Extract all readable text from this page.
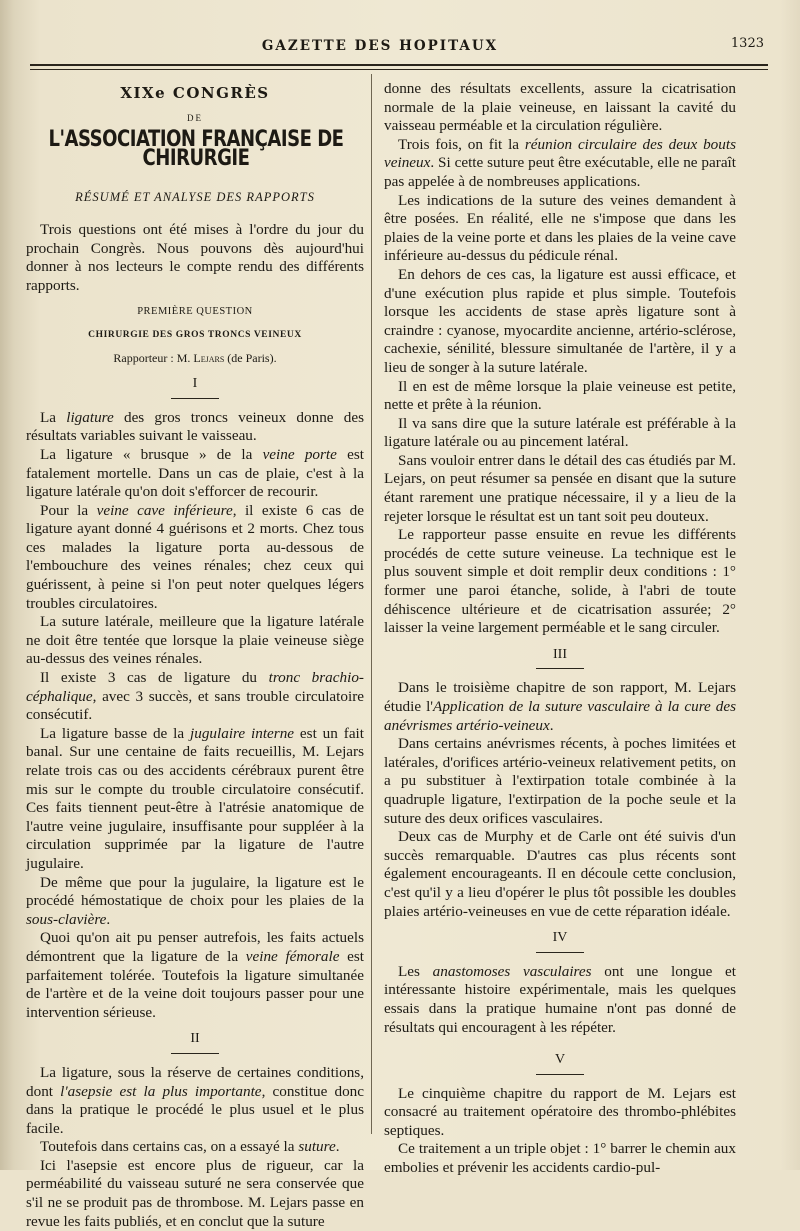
GAZETTE DES HOPITAUX	1323
XIXe CONGRÈS
DE
L'ASSOCIATION FRANÇAISE DE CHIRURGIE
RÉSUMÉ ET ANALYSE DES RAPPORTS

Trois questions ont été mises à l'ordre du jour du prochain Congrès. Nous pouvons dès aujourd'hui donner à nos lecteurs le compte rendu des différents rapports.

PREMIÈRE QUESTION
CHIRURGIE DES GROS TRONCS VEINEUX
Rapporteur : M. Lejars (de Paris).
I

La ligature des gros troncs veineux donne des résultats variables suivant le vaisseau.

La ligature « brusque » de la veine porte est fatalement mortelle. Dans un cas de plaie, c'est à la ligature latérale qu'on doit s'efforcer de recourir.

Pour la veine cave inférieure, il existe 6 cas de ligature ayant donné 4 guérisons et 2 morts. Chez tous ces malades la ligature porta au-dessous de l'embouchure des veines rénales; chez ceux qui guérissent, à peine si l'on peut noter quelques légers troubles circulatoires.

La suture latérale, meilleure que la ligature latérale ne doit être tentée que lorsque la plaie veineuse siège au-dessus des veines rénales.

Il existe 3 cas de ligature du tronc brachio-céphalique, avec 3 succès, et sans trouble circulatoire consécutif.

La ligature basse de la jugulaire interne est un fait banal. Sur une centaine de faits recueillis, M. Lejars relate trois cas ou des accidents cérébraux purent être mis sur le compte du trouble circulatoire consécutif. Ces faits tiennent peut-être à l'atrésie anatomique de l'autre veine jugulaire, insuffisante pour suppléer à la circulation supprimée par la ligature de l'autre jugulaire.

De même que pour la jugulaire, la ligature est le procédé hémostatique de choix pour les plaies de la sous-clavière.

Quoi qu'on ait pu penser autrefois, les faits actuels démontrent que la ligature de la veine fémorale est parfaitement tolérée. Toutefois la ligature simultanée de l'artère et de la veine doit toujours passer pour une intervention sérieuse.

II

La ligature, sous la réserve de certaines conditions, dont l'asepsie est la plus importante, constitue donc dans la pratique le procédé le plus usuel et le plus facile.

Toutefois dans certains cas, on a essayé la suture.

Ici l'asepsie est encore plus de rigueur, car la perméabilité du vaisseau suturé ne sera conservée que s'il ne se produit pas de thrombose. M. Lejars passe en revue les faits publiés, et en conclut que la suture

donne des résultats excellents, assure la cicatrisation normale de la plaie veineuse, en laissant la cavité du vaisseau perméable et la circulation régulière.

Trois fois, on fit la réunion circulaire des deux bouts veineux. Si cette suture peut être exécutable, elle ne paraît pas appelée à de nombreuses applications.

Les indications de la suture des veines demandent à être posées. En réalité, elle ne s'impose que dans les plaies de la veine porte et dans les plaies de la veine cave inférieure au-dessus du pédicule rénal.

En dehors de ces cas, la ligature est aussi efficace, et d'une exécution plus rapide et plus simple. Toutefois lorsque les accidents de stase après ligature sont à craindre : cyanose, myocardite ancienne, artério-sclérose, cachexie, sénilité, blessure simultanée de l'artère, il y a lieu de songer à la suture latérale.

Il en est de même lorsque la plaie veineuse est petite, nette et prête à la réunion.

Il va sans dire que la suture latérale est préférable à la ligature latérale ou au pincement latéral.

Sans vouloir entrer dans le détail des cas étudiés par M. Lejars, on peut résumer sa pensée en disant que la suture étant rarement une pratique nécessaire, il y a lieu de la rejeter lorsque le résultat est un tant soit peu douteux.

Le rapporteur passe ensuite en revue les différents procédés de cette suture veineuse. La technique est le plus souvent simple et doit remplir deux conditions : 1° former une paroi étanche, solide, à l'abri de toute déhiscence ultérieure et de cicatrisation assurée; 2° laisser la veine largement perméable et le sang circuler.

III

Dans le troisième chapitre de son rapport, M. Lejars étudie l'Application de la suture vasculaire à la cure des anévrismes artério-veineux.

Dans certains anévrismes récents, à poches limitées et latérales, d'orifices artério-veineux relativement petits, on a pu substituer à l'extirpation totale combinée à la quadruple ligature, l'extirpation de la poche seule et la suture des deux orifices vasculaires.

Deux cas de Murphy et de Carle ont été suivis d'un succès remarquable. D'autres cas plus récents sont également encourageants. Il en découle cette conclusion, c'est qu'il y a lieu d'opérer le plus tôt possible les doubles plaies artério-veineuses en vue de cette réparation idéale.

IV

Les anastomoses vasculaires ont une longue et intéressante histoire expérimentale, mais les quelques essais dans la pratique humaine n'ont pas donné de résultats qui encouragent à les répéter.

V

Le cinquième chapitre du rapport de M. Lejars est consacré au traitement opératoire des thrombo-phlébites septiques.

Ce traitement a un triple objet : 1° barrer le chemin aux embolies et prévenir les accidents cardio-pul-
